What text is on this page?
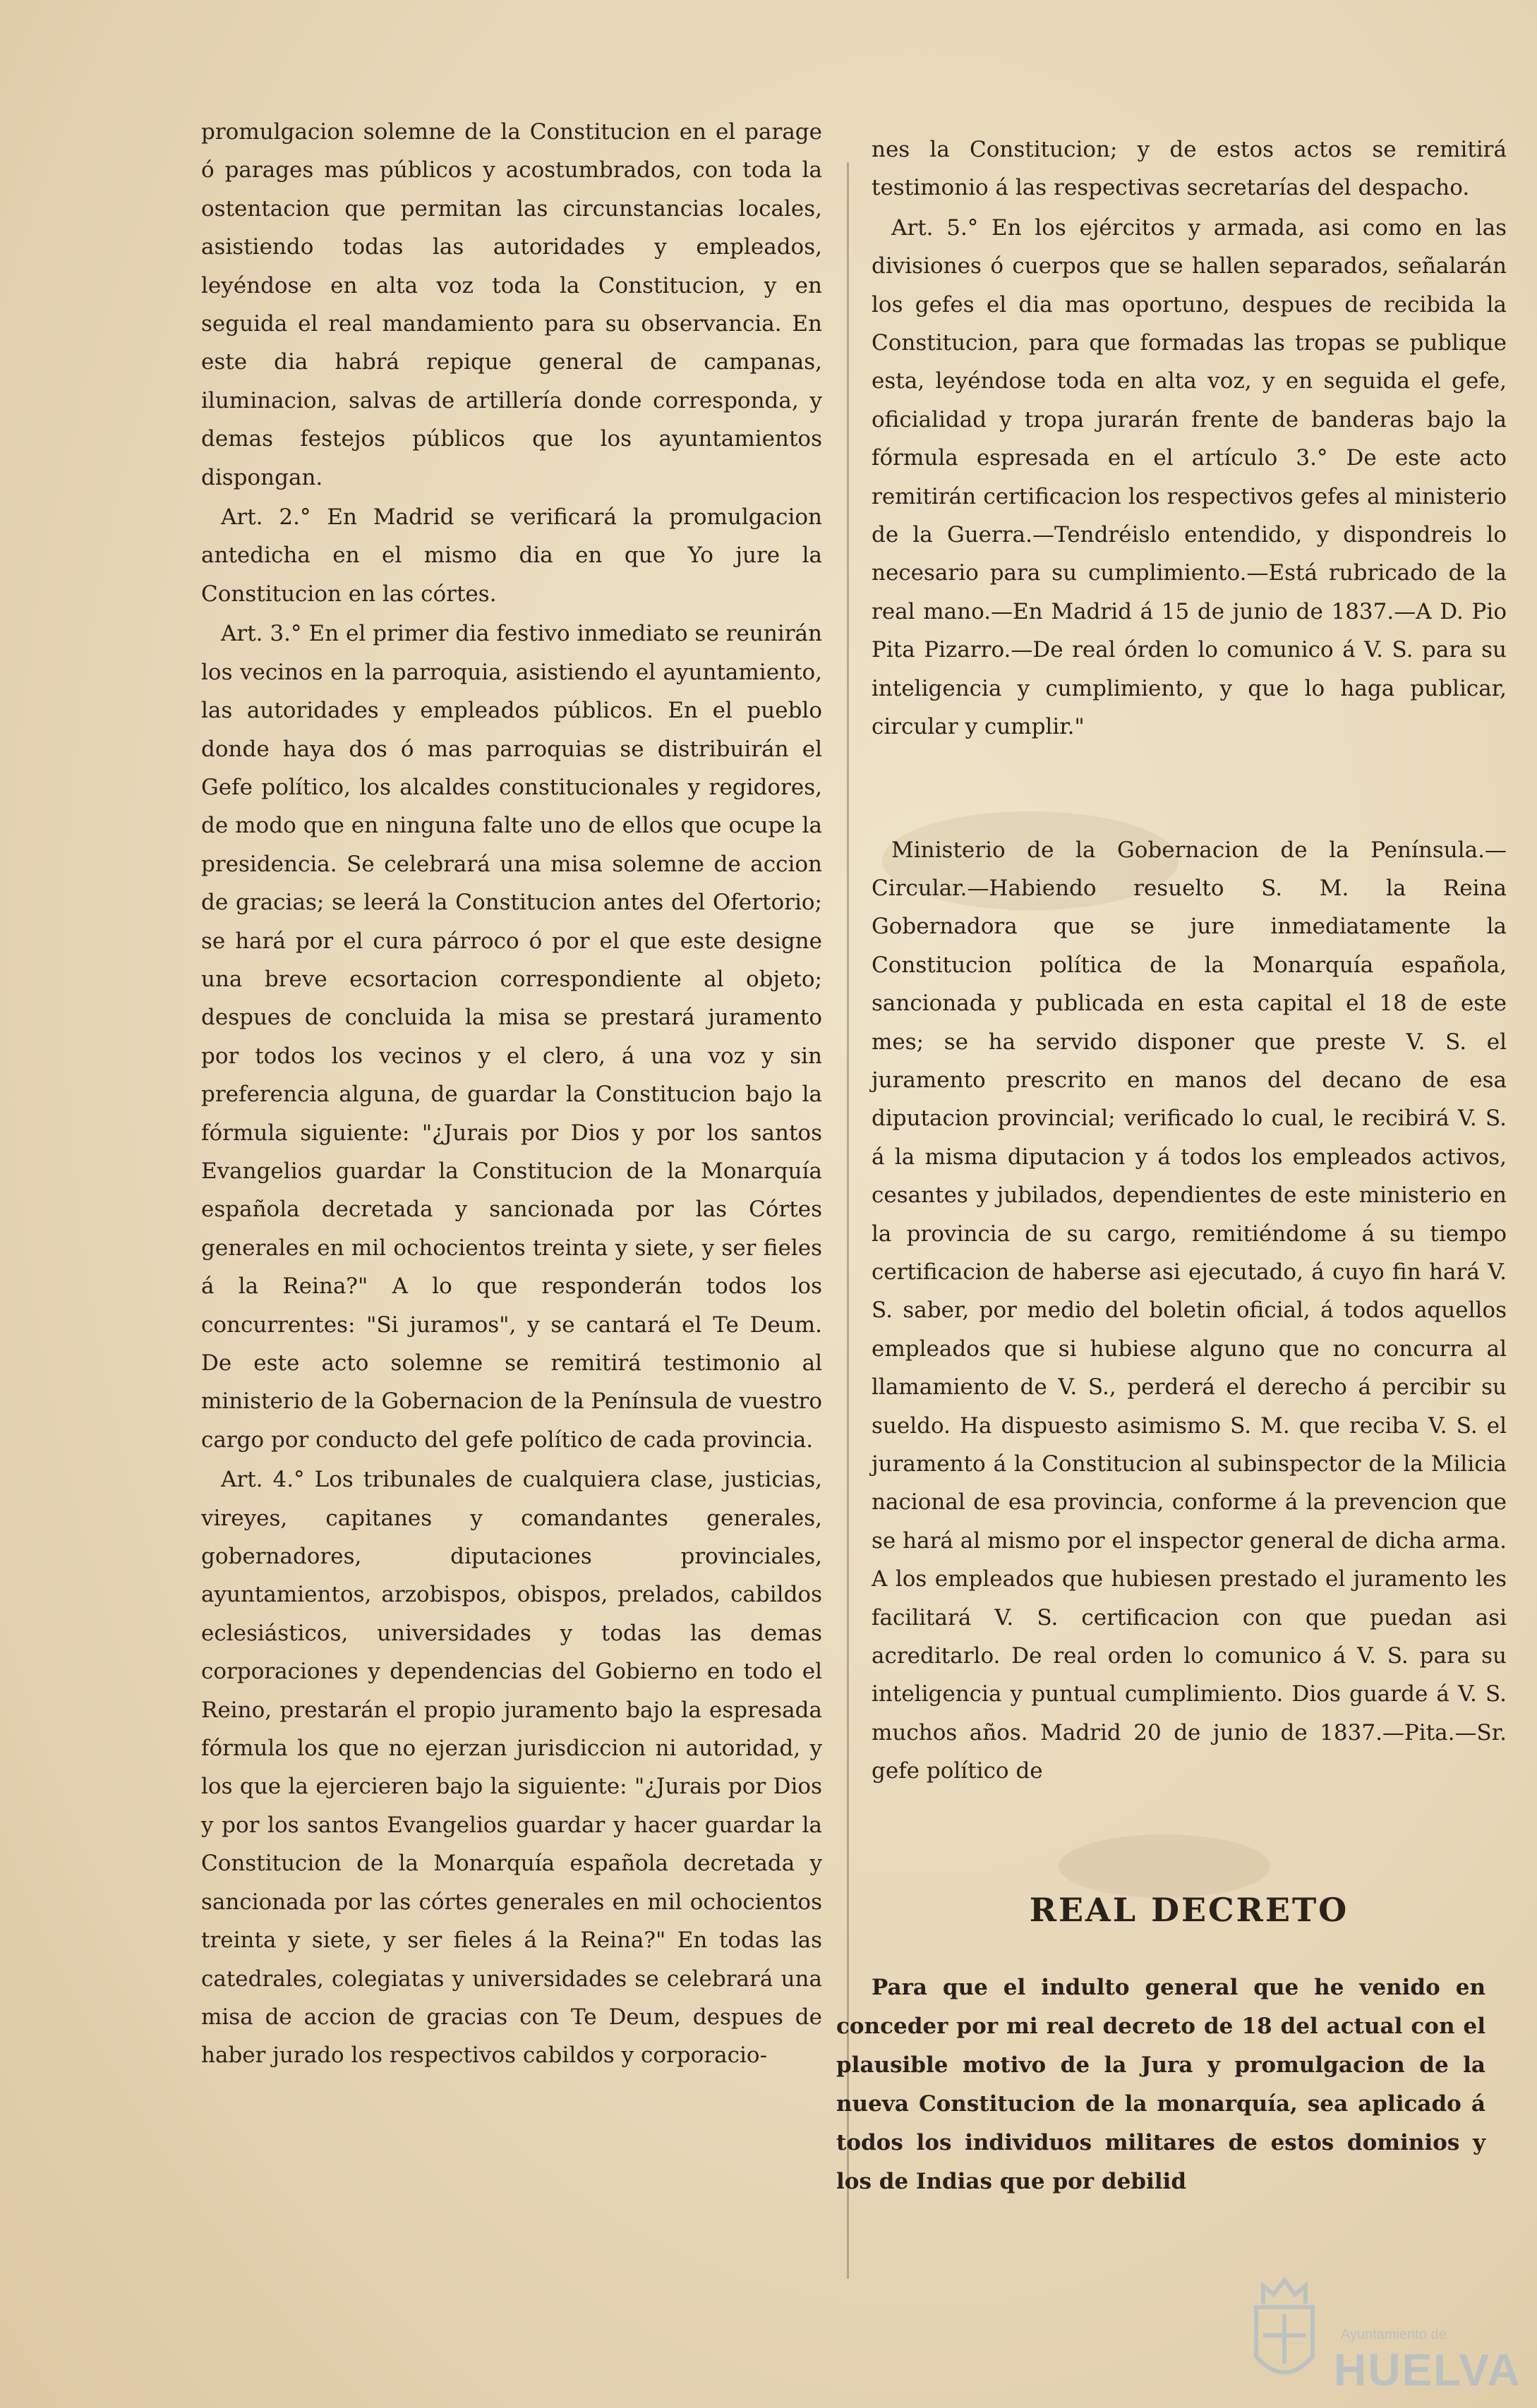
promulgacion solemne de la Constitucion en el parage ó parages mas públicos y acostumbrados, con toda la ostentacion que permitan las circunstancias locales, asistiendo todas las autoridades y empleados, leyéndose en alta voz toda la Constitucion, y en seguida el real mandamiento para su observancia. En este dia habrá repique general de campanas, iluminacion, salvas de artillería donde corresponda, y demas festejos públicos que los ayuntamientos dispongan.

Art. 2.° En Madrid se verificará la promulgacion antedicha en el mismo dia en que Yo jure la Constitucion en las córtes.

Art. 3.° En el primer dia festivo inmediato se reunirán los vecinos en la parroquia, asistiendo el ayuntamiento, las autoridades y empleados públicos. En el pueblo donde haya dos ó mas parroquias se distribuirán el Gefe político, los alcaldes constitucionales y regidores, de modo que en ninguna falte uno de ellos que ocupe la presidencia. Se celebrará una misa solemne de accion de gracias; se leerá la Constitucion antes del Ofertorio; se hará por el cura párroco ó por el que este designe una breve ecsortacion correspondiente al objeto; despues de concluida la misa se prestará juramento por todos los vecinos y el clero, á una voz y sin preferencia alguna, de guardar la Constitucion bajo la fórmula siguiente: "¿Jurais por Dios y por los santos Evangelios guardar la Constitucion de la Monarquía española decretada y sancionada por las Córtes generales en mil ochocientos treinta y siete, y ser fieles á la Reina?" A lo que responderán todos los concurrentes: "Si juramos", y se cantará el Te Deum. De este acto solemne se remitirá testimonio al ministerio de la Gobernacion de la Península de vuestro cargo por conducto del gefe político de cada provincia.

Art. 4.° Los tribunales de cualquiera clase, justicias, vireyes, capitanes y comandantes generales, gobernadores, diputaciones provinciales, ayuntamientos, arzobispos, obispos, prelados, cabildos eclesiásticos, universidades y todas las demas corporaciones y dependencias del Gobierno en todo el Reino, prestarán el propio juramento bajo la espresada fórmula los que no ejerzan jurisdiccion ni autoridad, y los que la ejercieren bajo la siguiente: "¿Jurais por Dios y por los santos Evangelios guardar y hacer guardar la Constitucion de la Monarquía española decretada y sancionada por las córtes generales en mil ochocientos treinta y siete, y ser fieles á la Reina?" En todas las catedrales, colegiatas y universidades se celebrará una misa de accion de gracias con Te Deum, despues de haber jurado los respectivos cabildos y corporacio-

nes la Constitucion; y de estos actos se remitirá testimonio á las respectivas secretarías del despacho.

Art. 5.° En los ejércitos y armada, asi como en las divisiones ó cuerpos que se hallen separados, señalarán los gefes el dia mas oportuno, despues de recibida la Constitucion, para que formadas las tropas se publique esta, leyéndose toda en alta voz, y en seguida el gefe, oficialidad y tropa jurarán frente de banderas bajo la fórmula espresada en el artículo 3.° De este acto remitirán certificacion los respectivos gefes al ministerio de la Guerra.—Tendréislo entendido, y dispondreis lo necesario para su cumplimiento.—Está rubricado de la real mano.—En Madrid á 15 de junio de 1837.—A D. Pio Pita Pizarro.—De real órden lo comunico á V. S. para su inteligencia y cumplimiento, y que lo haga publicar, circular y cumplir."

Ministerio de la Gobernacion de la Península.—Circular.—Habiendo resuelto S. M. la Reina Gobernadora que se jure inmediatamente la Constitucion política de la Monarquía española, sancionada y publicada en esta capital el 18 de este mes; se ha servido disponer que preste V. S. el juramento prescrito en manos del decano de esa diputacion provincial; verificado lo cual, le recibirá V. S. á la misma diputacion y á todos los empleados activos, cesantes y jubilados, dependientes de este ministerio en la provincia de su cargo, remitiéndome á su tiempo certificacion de haberse asi ejecutado, á cuyo fin hará V. S. saber, por medio del boletin oficial, á todos aquellos empleados que si hubiese alguno que no concurra al llamamiento de V. S., perderá el derecho á percibir su sueldo. Ha dispuesto asimismo S. M. que reciba V. S. el juramento á la Constitucion al subinspector de la Milicia nacional de esa provincia, conforme á la prevencion que se hará al mismo por el inspector general de dicha arma. A los empleados que hubiesen prestado el juramento les facilitará V. S. certificacion con que puedan asi acreditarlo. De real orden lo comunico á V. S. para su inteligencia y puntual cumplimiento. Dios guarde á V. S. muchos años. Madrid 20 de junio de 1837.—Pita.—Sr. gefe político de

REAL DECRETO

Para que el indulto general que he venido en conceder por mi real decreto de 18 del actual con el plausible motivo de la Jura y promulgacion de la nueva Constitucion de la monarquía, sea aplicado á todos los individuos militares de estos dominios y los de Indias que por debilid

Ayuntamiento de
HUELVA
